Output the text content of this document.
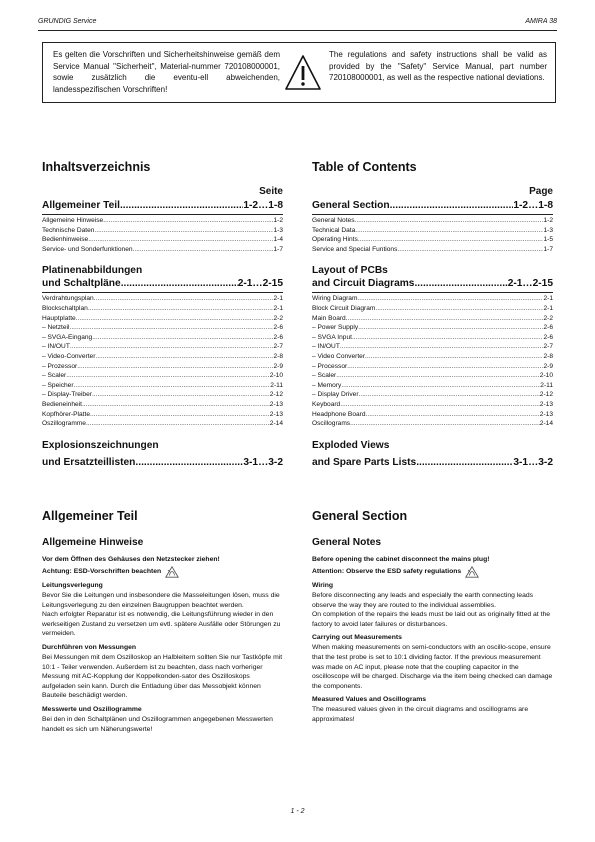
GRUNDIG Service	AMIRA 38
Es gelten die Vorschriften und Sicherheitshinweise gemäß dem Service Manual "Sicherheit", Material-nummer 720108000001, sowie zusätzlich die eventu-ell abweichenden, landesspezifischen Vorschriften!
The regulations and safety instructions shall be valid as provided by the "Safety" Service Manual, part number 720108000001, as well as the respective national deviations.
Inhaltsverzeichnis
Seite
Allgemeiner Teil .....	1-2…1-8
Allgemeine Hinweise .....	1-2
Technische Daten .....	1-3
Bedienhinweise .....	1-4
Service- und Sonderfunktionen .....	1-7
Platinenabbildungen
und Schaltpläne .....	2-1…2-15
Verdrahtungsplan .....	2-1
Blockschaltplan .....	2-1
Hauptplatte .....	2-2
– Netzteil .....	2-6
– SVGA-Eingang .....	2-6
– IN/OUT .....	2-7
– Video-Converter .....	2-8
– Prozessor .....	2-9
– Scaler .....	2-10
– Speicher .....	2-11
– Display-Treiber .....	2-12
Bedieneinheit .....	2-13
Kopfhörer-Platte .....	2-13
Oszillogramme .....	2-14
Explosionszeichnungen
und Ersatzteillisten .....	3-1…3-2
Table of Contents
Page
General Section .....	1-2…1-8
General Notes .....	1-2
Technical Data .....	1-3
Operating Hints .....	1-5
Service and Special Funtions .....	1-7
Layout of PCBs
and Circuit Diagrams .....	2-1…2-15
Wiring Diagram .....	2-1
Block Circuit Diagram .....	2-1
Main Board .....	2-2
– Power Supply .....	2-6
– SVGA Input .....	2-6
– IN/OUT .....	2-7
– Video Converter .....	2-8
– Processor .....	2-9
– Scaler .....	2-10
– Memory .....	2-11
– Display Driver .....	2-12
Keyboard .....	2-13
Headphone Board .....	2-13
Oscillograms .....	2-14
Exploded Views
and Spare Parts Lists .....	3-1…3-2
Allgemeiner Teil
Allgemeine Hinweise
Vor dem Öffnen des Gehäuses den Netzstecker ziehen!
Achtung: ESD-Vorschriften beachten
Leitungsverlegung
Bevor Sie die Leitungen und insbesondere die Masseleitungen lösen, muss die Leitungsverlegung zu den einzelnen Baugruppen beachtet werden.
Nach erfolgter Reparatur ist es notwendig, die Leitungsführung wieder in den werkseitigen Zustand zu versetzen um evtl. spätere Ausfälle oder Störungen zu vermeiden.
Durchführen von Messungen
Bei Messungen mit dem Oszilloskop an Halbleitern sollten Sie nur Tastköpfe mit 10:1 - Teiler verwenden. Außerdem ist zu beachten, dass nach vorheriger Messung mit AC-Kopplung der Koppelkonden-sator des Oszilloskops aufgeladen sein kann. Durch die Entladung über das Messobjekt können Bauteile beschädigt werden.
Messwerte und Oszillogramme
Bei den in den Schaltplänen und Oszillogrammen angegebenen Messwerten handelt es sich um Näherungswerte!
General Section
General Notes
Before opening the cabinet disconnect the mains plug!
Attention: Observe the ESD safety regulations
Wiring
Before disconnecting any leads and especially the earth connecting leads observe the way they are routed to the individual assemblies.
On completion of the repairs the leads must be laid out as originally fitted at the factory to avoid later failures or disturbances.
Carrying out Measurements
When making measurements on semi-conductors with an oscillo-scope, ensure that the test probe is set to 10:1 dividing factor. If the previous measurement was made on AC input, please note that the coupling capacitor in the oscilloscope will be charged. Discharge via the item being checked can damage the components.
Measured Values and Oscillograms
The measured values given in the circuit diagrams and oscillograms are approximates!
1 - 2
